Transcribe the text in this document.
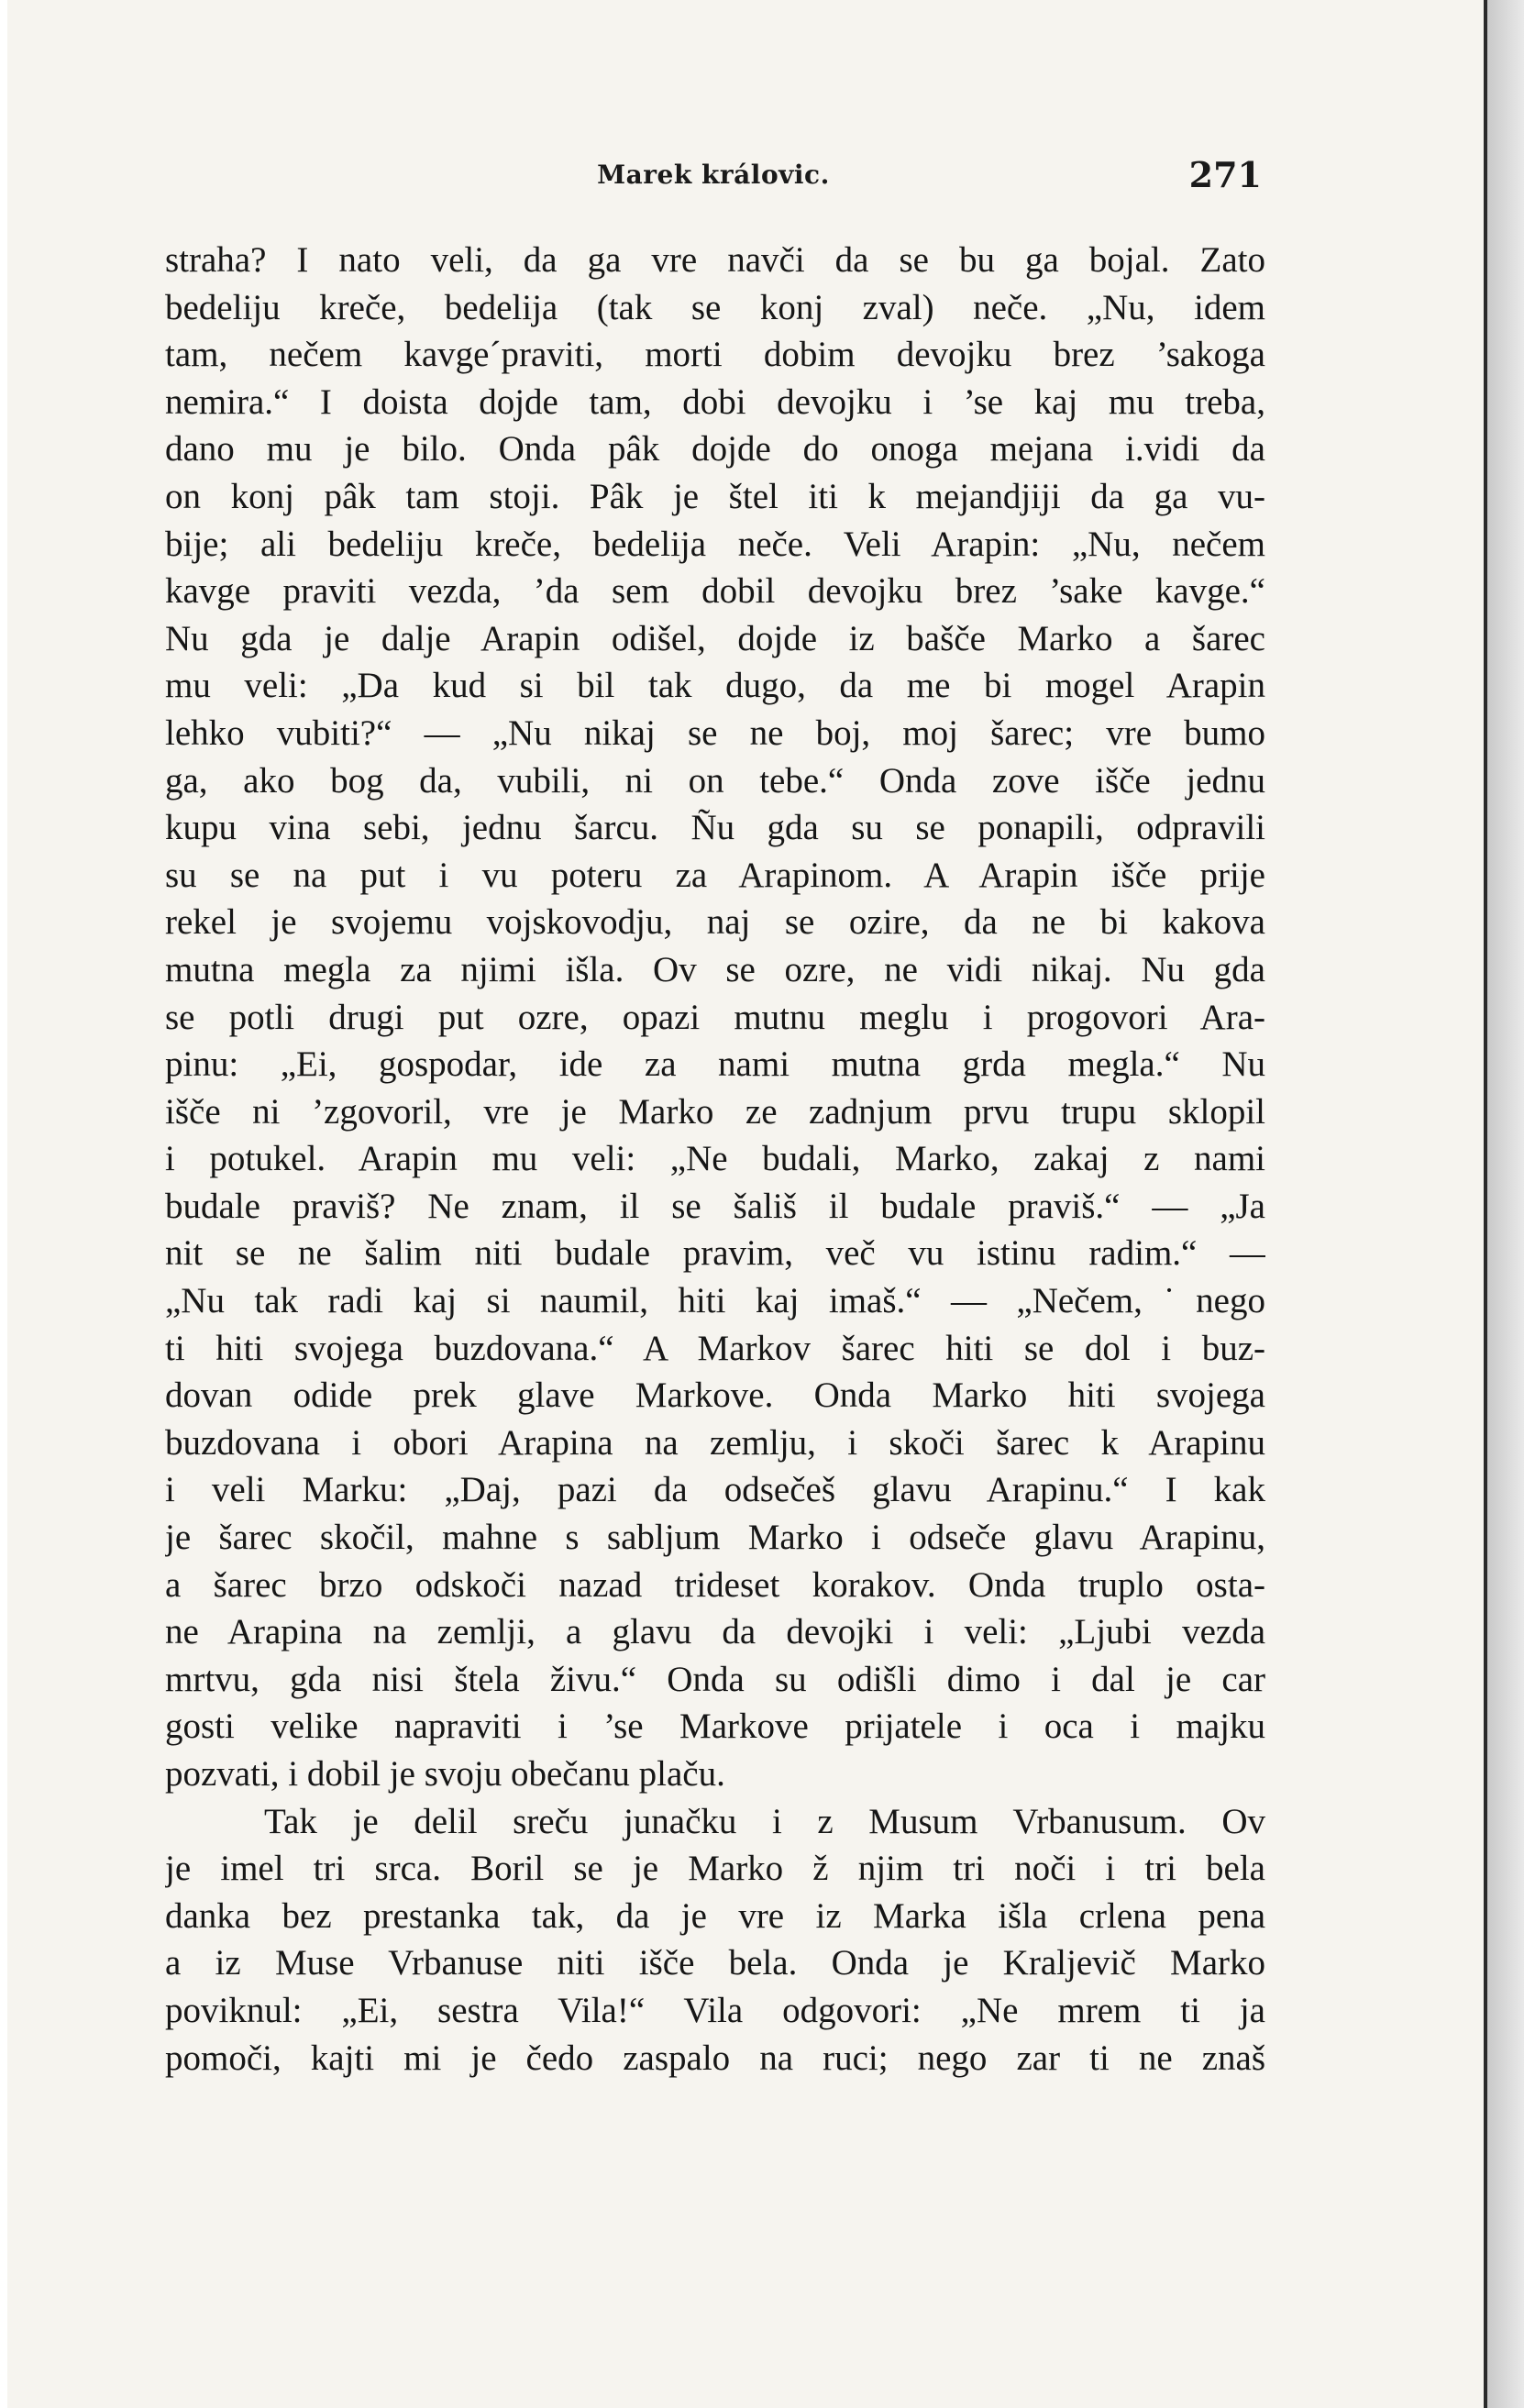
Marek královic.	271
straha? I nato veli, da ga vre navči da se bu ga bojal. Zato
bedeliju kreče, bedelija (tak se konj zval) neče. „Nu, idem
tam, nečem kavge´praviti, morti dobim devojku brez ’sakoga
nemira.“ I doista dojde tam, dobi devojku i ’se kaj mu treba,
dano mu je bilo. Onda pâk dojde do onoga mejana i.vidi da
on konj pâk tam stoji. Pâk je štel iti k mejandjiji da ga vu-
bije; ali bedeliju kreče, bedelija neče. Veli Arapin: „Nu, nečem
kavge praviti vezda, ’da sem dobil devojku brez ’sake kavge.“
Nu gda je dalje Arapin odišel, dojde iz bašče Marko a šarec
mu veli: „Da kud si bil tak dugo, da me bi mogel Arapin
lehko vubiti?“ — „Nu nikaj se ne boj, moj šarec; vre bumo
ga, ako bog da, vubili, ni on tebe.“ Onda zove išče jednu
kupu vina sebi, jednu šarcu. Ñu gda su se ponapili, odpravili
su se na put i vu poteru za Arapinom. A Arapin išče prije
rekel je svojemu vojskovodju, naj se ozire, da ne bi kakova
mutna megla za njimi išla. Ov se ozre, ne vidi nikaj. Nu gda
se potli drugi put ozre, opazi mutnu meglu i progovori Ara-
pinu: „Ei, gospodar, ide za nami mutna grda megla.“ Nu
išče ni ’zgovoril, vre je Marko ze zadnjum prvu trupu sklopil
i potukel. Arapin mu veli: „Ne budali, Marko, zakaj z nami
budale praviš? Ne znam, il se šališ il budale praviš.“ — „Ja
nit se ne šalim niti budale pravim, več vu istinu radim.“ —
„Nu tak radi kaj si naumil, hiti kaj imaš.“ — „Nečem,˙nego
ti hiti svojega buzdovana.“ A Markov šarec hiti se dol i buz-
dovan odide prek glave Markove. Onda Marko hiti svojega
buzdovana i obori Arapina na zemlju, i skoči šarec k Arapinu
i veli Marku: „Daj, pazi da odsečeš glavu Arapinu.“ I kak
je šarec skočil, mahne s sabljum Marko i odseče glavu Arapinu,
a šarec brzo odskoči nazad trideset korakov. Onda truplo osta-
ne Arapina na zemlji, a glavu da devojki i veli: „Ljubi vezda
mrtvu, gda nisi štela živu.“ Onda su odišli dimo i dal je car
gosti velike napraviti i ’se Markove prijatele i oca i majku
pozvati, i dobil je svoju obečanu plaču.
Tak je delil sreču junačku i z Musum Vrbanusum. Ov
je imel tri srca. Boril se je Marko ž njim tri noči i tri bela
danka bez prestanka tak, da je vre iz Marka išla crlena pena
a iz Muse Vrbanuse niti išče bela. Onda je Kraljevič Marko
poviknul: „Ei, sestra Vila!“ Vila odgovori: „Ne mrem ti ja
pomoči, kajti mi je čedo zaspalo na ruci; nego zar ti ne znaš
